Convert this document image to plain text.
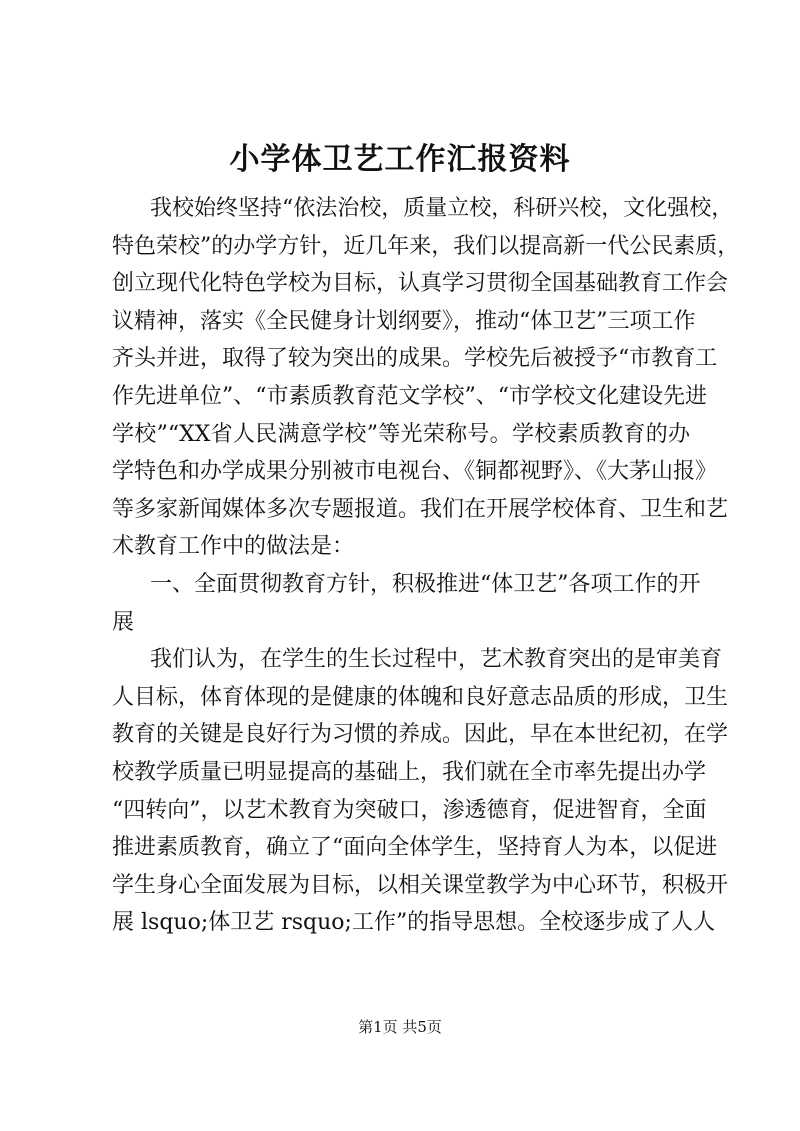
小学体卫艺工作汇报资料
我校始终坚持“依法治校，质量立校，科研兴校，文化强校，
特色荣校”的办学方针，近几年来，我们以提高新一代公民素质，
创立现代化特色学校为目标，认真学习贯彻全国基础教育工作会
议精神，落实《全民健身计划纲要》，推动“体卫艺”三项工作
齐头并进，取得了较为突出的成果。学校先后被授予“市教育工
作先进单位”、“市素质教育范文学校”、“市学校文化建设先进
学校”“XX省人民满意学校”等光荣称号。学校素质教育的办
学特色和办学成果分别被市电视台、《铜都视野》、《大茅山报》
等多家新闻媒体多次专题报道。我们在开展学校体育、卫生和艺
术教育工作中的做法是：
一、全面贯彻教育方针，积极推进“体卫艺”各项工作的开
展
我们认为，在学生的生长过程中，艺术教育突出的是审美育
人目标，体育体现的是健康的体魄和良好意志品质的形成，卫生
教育的关键是良好行为习惯的养成。因此，早在本世纪初，在学
校教学质量已明显提高的基础上，我们就在全市率先提出办学
“四转向”，以艺术教育为突破口，渗透德育，促进智育，全面
推进素质教育，确立了“面向全体学生，坚持育人为本，以促进
学生身心全面发展为目标，以相关课堂教学为中心环节，积极开
展 lsquo;体卫艺 rsquo;工作”的指导思想。全校逐步成了人人
第1页 共5页
